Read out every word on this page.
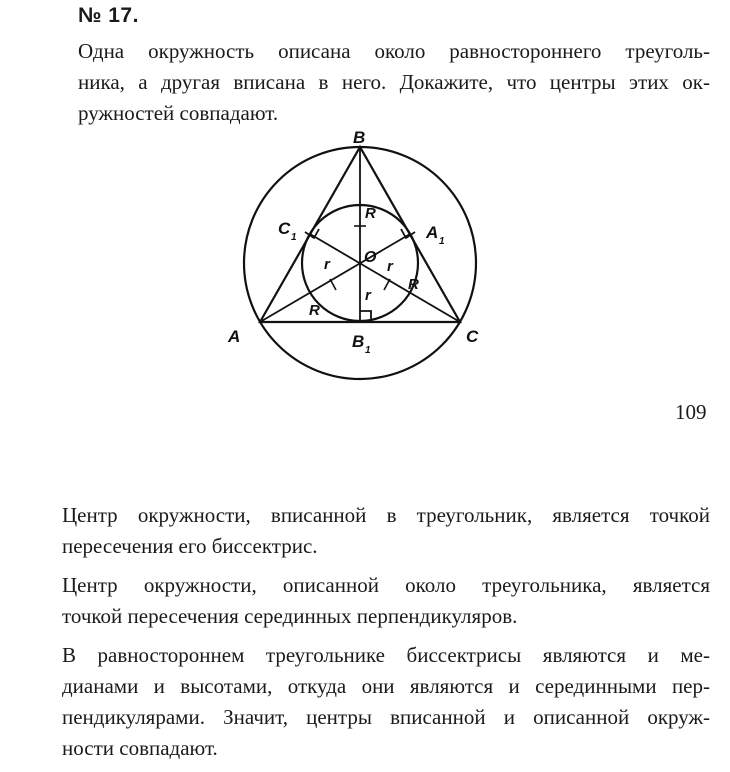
№ 17.
Одна окружность описана около равностороннего треуголь-
ника, а другая вписана в него. Докажите, что центры этих ок-
ружностей совпадают.
B
A	C
C 1	A 1
B 1
O
R
R
R
r	r
r
109

Центр окружности, вписанной в треугольник, является точкой
пересечения его биссектрис.

Центр окружности, описанной около треугольника, является
точкой пересечения серединных перпендикуляров.

В равностороннем треугольнике биссектрисы являются и ме-
дианами и высотами, откуда они являются и серединными пер-
пендикулярами. Значит, центры вписанной и описанной окруж-
ности совпадают.
